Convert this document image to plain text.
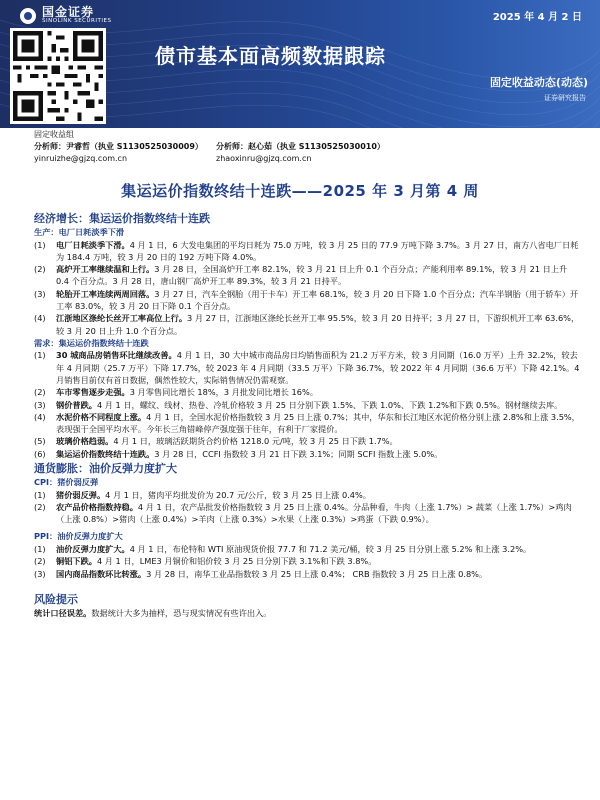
国金证券
SINOLINK SECURITIES	2025 年 4 月 2 日
债市基本面高频数据跟踪
固定收益动态(动态)
证券研究报告
固定收益组
分析师：尹睿哲（执业 S1130525030009）	分析师：赵心茹（执业 S1130525030010）
yinruizhe@gjzq.com.cn	zhaoxinru@gjzq.com.cn
集运运价指数终结十连跌——2025 年 3 月第 4 周
经济增长：集运运价指数终结十连跌
生产：电厂日耗淡季下滑
(1)	电厂日耗淡季下滑。4 月 1 日，6 大发电集团的平均日耗为 75.0 万吨，较 3 月 25 日的 77.9 万吨下降 3.7%。3 月 27 日，南方八省电厂日耗为 184.4 万吨，较 3 月 20 日的 192 万吨下降 4.0%。
(2)	高炉开工率继续温和上行。3 月 28 日，全国高炉开工率 82.1%，较 3 月 21 日上升 0.1 个百分点；产能利用率 89.1%，较 3 月 21 日上升 0.4 个百分点。3 月 28 日，唐山钢厂高炉开工率 89.3%，较 3 月 21 日持平。
(3)	轮胎开工率连续两周回落。3 月 27 日，汽车全钢胎（用于卡车）开工率 68.1%，较 3 月 20 日下降 1.0 个百分点；汽车半钢胎（用于轿车）开工率 83.0%，较 3 月 20 日下降 0.1 个百分点。
(4)	江浙地区涤纶长丝开工率高位上行。3 月 27 日，江浙地区涤纶长丝开工率 95.5%，较 3 月 20 日持平；3 月 27 日，下游织机开工率 63.6%，较 3 月 20 日上升 1.0 个百分点。
需求：集运运价指数终结十连跌
(1)	30 城商品房销售环比继续改善。4 月 1 日，30 大中城市商品房日均销售面积为 21.2 万平方米，较 3 月同期（16.0 万平）上升 32.2%，较去年 4 月同期（25.7 万平）下降 17.7%，较 2023 年 4 月同期（33.5 万平）下降 36.7%，较 2022 年 4 月同期（36.6 万平）下降 42.1%。4 月销售目前仅有首日数据，偶然性较大，实际销售情况仍需观察。
(2)	车市零售逐步走强。3 月零售同比增长 18%，3 月批发同比增长 16%。
(3)	钢价普跌。4 月 1 日，螺纹、线材、热卷、冷轧价格较 3 月 25 日分别下跌 1.5%、下跌 1.0%、下跌 1.2%和下跌 0.5%。钢材继续去库。
(4)	水泥价格不同程度上涨。4 月 1 日，全国水泥价格指数较 3 月 25 日上涨 0.7%；其中，华东和长江地区水泥价格分别上涨 2.8%和上涨 3.5%，表现强于全国平均水平。今年长三角错峰停产强度强于往年，有利于厂家提价。
(5)	玻璃价格趋弱。4 月 1 日，玻璃活跃期货合约价格 1218.0 元/吨，较 3 月 25 日下跌 1.7%。
(6)	集运运价指数终结十连跌。3 月 28 日，CCFI 指数较 3 月 21 日下跌 3.1%；同期 SCFI 指数上涨 5.0%。
通货膨胀：油价反弹力度扩大
CPI：猪价弱反弹
(1)	猪价弱反弹。4 月 1 日，猪肉平均批发价为 20.7 元/公斤，较 3 月 25 日上涨 0.4%。
(2)	农产品价格指数持稳。4 月 1 日，农产品批发价格指数较 3 月 25 日上涨 0.4%。分品种看，牛肉（上涨 1.7%）> 蔬菜（上涨 1.7%）>鸡肉（上涨 0.8%）>猪肉（上涨 0.4%）>羊肉（上涨 0.3%）>水果（上涨 0.3%）>鸡蛋（下跌 0.9%）。
PPI：油价反弹力度扩大
(1)	油价反弹力度扩大。4 月 1 日，布伦特和 WTI 原油现货价报 77.7 和 71.2 美元/桶，较 3 月 25 日分别上涨 5.2% 和上涨 3.2%。
(2)	铜铝下跌。4 月 1 日，LME3 月铜价和铝价较 3 月 25 日分别下跌 3.1%和下跌 3.8%。
(3)	国内商品指数环比转涨。3 月 28 日，南华工业品指数较 3 月 25 日上涨 0.4%； CRB 指数较 3 月 25 日上涨 0.8%。
风险提示
统计口径误差。数据统计大多为抽样，恐与现实情况有些许出入。
